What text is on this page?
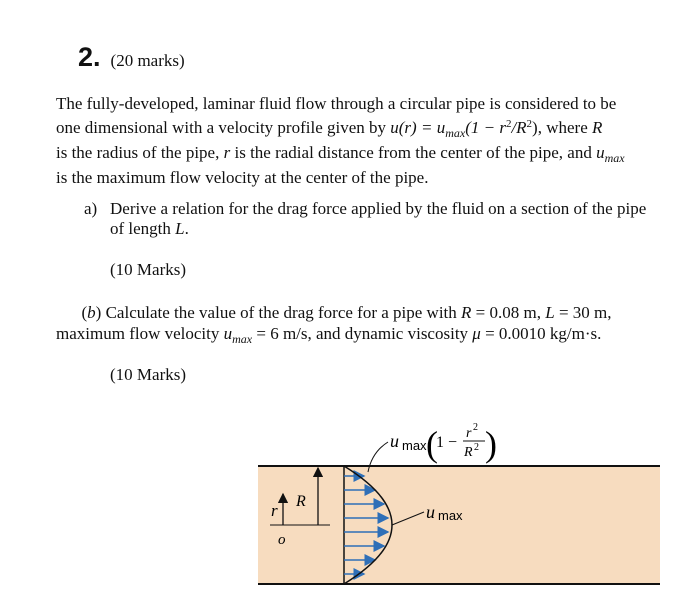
2. (20 marks)
The fully-developed, laminar fluid flow through a circular pipe is considered to be
one dimensional with a velocity profile given by $u(r) = u_{max}(1 - r^2/R^2)$, where R
is the radius of the pipe, r is the radial distance from the center of the pipe, and $u_{max}$
is the maximum flow velocity at the center of the pipe.
a) Derive a relation for the drag force applied by the fluid on a section of the pipe
of length L.
(10 Marks)
(b) Calculate the value of the drag force for a pipe with R = 0.08 m, L = 30 m,
maximum flow velocity $u_{max} = 6$ m/s, and dynamic viscosity μ = 0.0010 kg/m·s.
(10 Marks)
r R
o
u max
u max (
1 −
r 2
R 2 )
